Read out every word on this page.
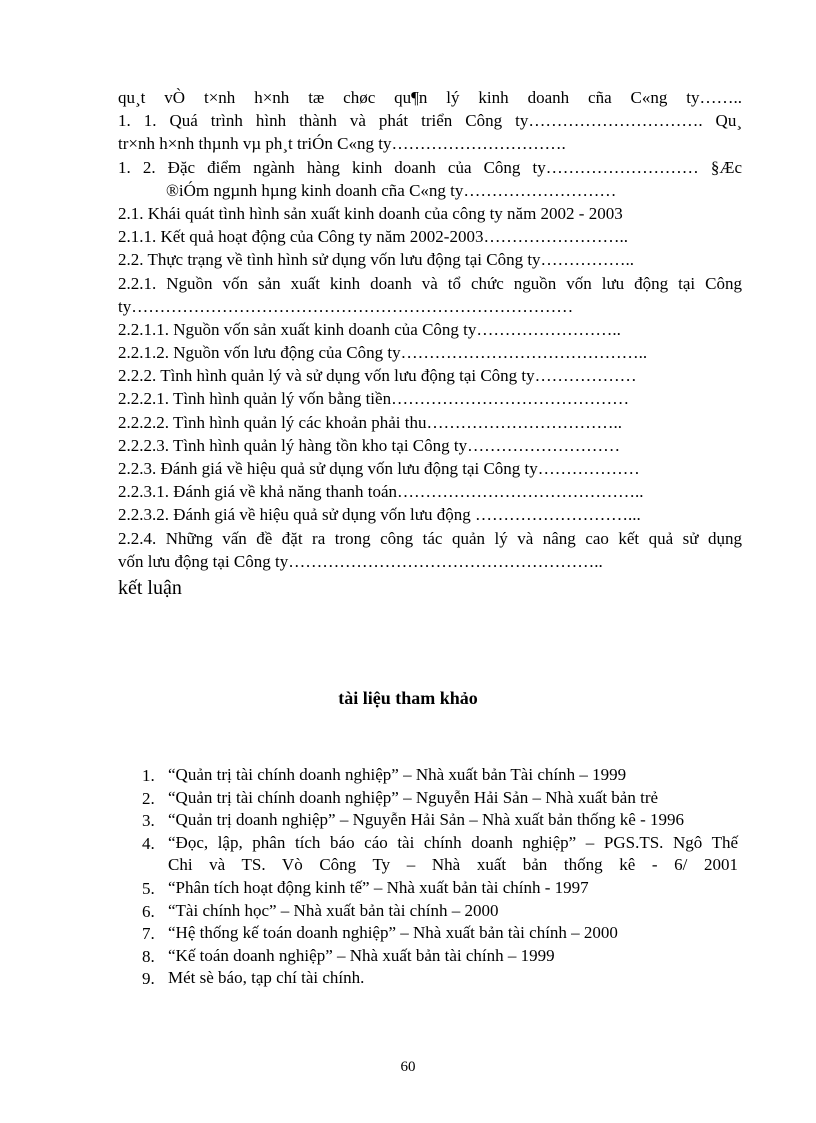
qu¸t vÒ t×nh h×nh tæ chøc qu¶n lý kinh doanh cña C«ng ty……..
1. 1. Quá trình hình thành và phát triển Công ty…………………………. Qu¸
tr×nh h×nh thµnh vµ ph¸t triÓn C«ng ty………………………….
1. 2. Đặc điểm ngành hàng kinh doanh của Công ty……………………… §Æc
®iÓm ngµnh hµng kinh doanh cña C«ng ty………………………
2.1. Khái quát tình hình sản xuất kinh doanh của công ty năm 2002 - 2003
2.1.1. Kết quả hoạt động của Công ty năm 2002-2003……………………..
2.2. Thực trạng về tình hình sử dụng vốn lưu động tại Công ty……………..
2.2.1. Nguồn vốn sản xuất kinh doanh và tổ chức nguồn vốn lưu động tại Công
ty……………………………………………………………………
2.2.1.1. Nguồn vốn sản xuất kinh doanh của Công ty……………………..
2.2.1.2. Nguồn vốn lưu động của Công ty……………………………………..
2.2.2. Tình hình quản lý và sử dụng vốn lưu động tại Công ty………………
2.2.2.1. Tình hình quản lý vốn bằng tiền……………………………………
2.2.2.2. Tình hình quản lý các khoản phải thu……………………………..
2.2.2.3. Tình hình quản lý hàng tồn kho tại Công ty………………………
2.2.3. Đánh giá về hiệu quả sử dụng vốn lưu động tại Công ty………………
2.2.3.1. Đánh giá về khả năng thanh toán……………………………………..
2.2.3.2. Đánh giá về hiệu quả sử dụng vốn lưu động ………………………...
2.2.4. Những vấn đề đặt ra trong công tác quản lý và nâng cao kết quả sử dụng
vốn lưu động tại Công ty………………………………………………..
kết luận
tài liệu tham khảo
1. “Quản trị tài chính doanh nghiệp” – Nhà xuất bản Tài chính – 1999
2. “Quản trị tài chính doanh nghiệp” – Nguyễn Hải Sản – Nhà xuất bản trẻ
3. “Quản trị doanh nghiệp” – Nguyễn Hải Sản – Nhà xuất bản thống kê - 1996
4. “Đọc, lập, phân tích báo cáo tài chính doanh nghiệp” – PGS.TS. Ngô Thế
Chi và TS. Vò Công Ty – Nhà xuất bản thống kê - 6/ 2001
5. “Phân tích hoạt động kinh tế” – Nhà xuất bản tài chính - 1997
6. “Tài chính học” – Nhà xuất bản tài chính – 2000
7. “Hệ thống kế toán doanh nghiệp” – Nhà xuất bản tài chính – 2000
8. “Kế toán doanh nghiệp” – Nhà xuất bản tài chính – 1999
9. Mét sè báo, tạp chí tài chính.
60
